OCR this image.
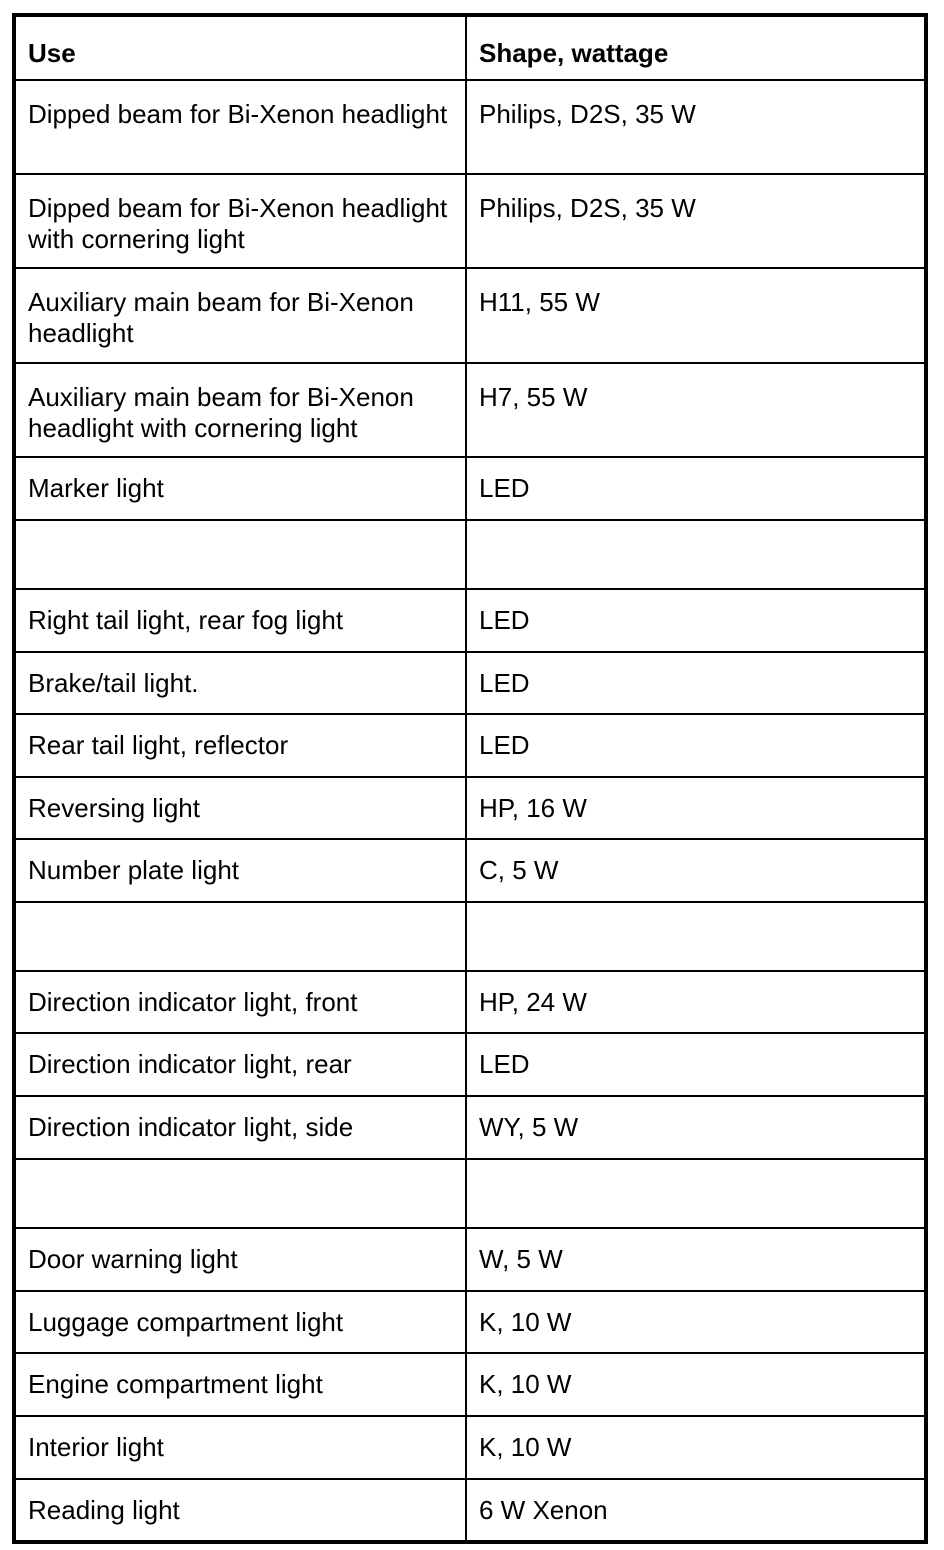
Use	Shape, wattage
Dipped beam for Bi-Xenon headlight	Philips, D2S, 35 W
Dipped beam for Bi-Xenon headlight with cornering light	Philips, D2S, 35 W
Auxiliary main beam for Bi-Xenon headlight	H11, 55 W
Auxiliary main beam for Bi-Xenon headlight with cornering light	H7, 55 W
Marker light	LED

Right tail light, rear fog light	LED
Brake/tail light.	LED
Rear tail light, reflector	LED
Reversing light	HP, 16 W
Number plate light	C, 5 W

Direction indicator light, front	HP, 24 W
Direction indicator light, rear	LED
Direction indicator light, side	WY, 5 W

Door warning light	W, 5 W
Luggage compartment light	K, 10 W
Engine compartment light	K, 10 W
Interior light	K, 10 W
Reading light	6 W Xenon
